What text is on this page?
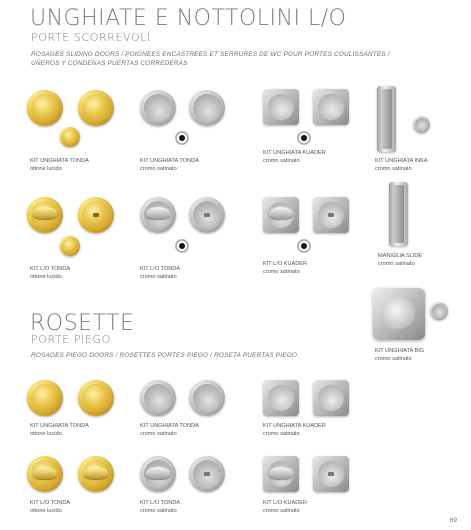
UNGHIATE E NOTTOLINI L/O
PORTE SCORREVOLI
ROSAGES SLIDING DOORS / POIGNEES ENCASTREES ET SERRURES DE WC POUR PORTES COULISSANTES /
UÑEROS Y CONDENAS PUERTAS CORREDERAS
KIT UNGHIATA TONDA
ottone lucido
KIT UNGHIATA TONDA
cromo satinato
KIT UNGHIATA KUADER
cromo satinato	KIT UNGHIATA INKA
cromo satinato
KIT L/O TONDA
ottone lucido
KIT L/O TONDA
cromo satinato
KIT L/O KUADER
cromo satinato
MANIGLIA SLIDE
cromo satinato
ROSETTE
PORTE PIEGO
ROSAGES PIEGO DOORS / ROSETTES PORTES PIEGO / ROSETA PUERTAS PIEGO
KIT UNGHIATA BIG
cromo satinato
KIT UNGHIATA TONDA
ottone lucido
KIT UNGHIATA TONDA
cromo satinato
KIT UNGHIATA KUADER
cromo satinato
KIT L/O TONDA
ottone lucido
KIT L/O TONDA
cromo satinato
KIT L/O KUADER
cromo satinato
69
